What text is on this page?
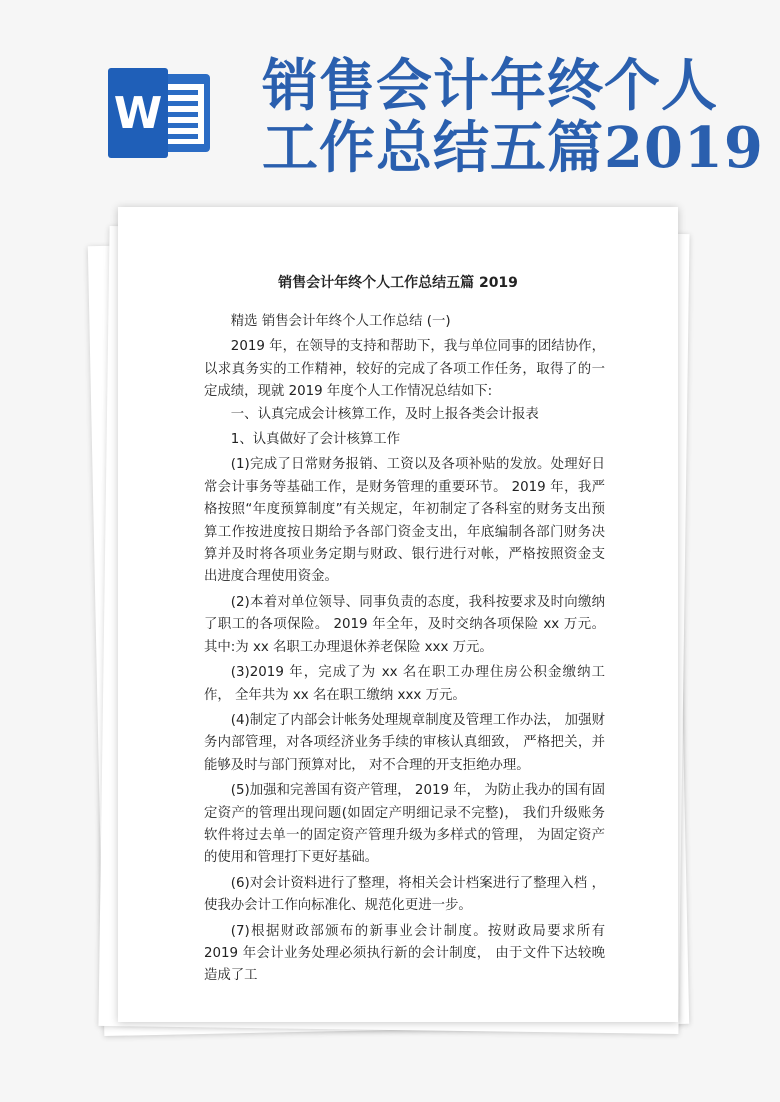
W 销售会计年终个人
工作总结五篇2019
销售会计年终个人工作总结五篇 2019

精选 销售会计年终个人工作总结 (一)

2019 年，在领导的支持和帮助下，我与单位同事的团结协作，以求真务实的工作精神，较好的完成了各项工作任务，取得了的一定成绩，现就 2019 年度个人工作情况总结如下:

一、认真完成会计核算工作，及时上报各类会计报表

1、认真做好了会计核算工作

(1)完成了日常财务报销、工资以及各项补贴的发放。处理好日常会计事务等基础工作，是财务管理的重要环节。 2019 年，我严格按照“年度预算制度”有关规定，年初制定了各科室的财务支出预算工作按进度按日期给予各部门资金支出，年底编制各部门财务决算并及时将各项业务定期与财政、银行进行对帐，严格按照资金支出进度合理使用资金。

(2)本着对单位领导、同事负责的态度，我科按要求及时向缴纳了职工的各项保险。 2019 年全年，及时交纳各项保险 xx 万元。其中:为 xx 名职工办理退休养老保险 xxx 万元。

(3)2019 年，完成了为 xx 名在职工办理住房公积金缴纳工作， 全年共为 xx 名在职工缴纳 xxx 万元。

(4)制定了内部会计帐务处理规章制度及管理工作办法， 加强财务内部管理，对各项经济业务手续的审核认真细致， 严格把关，并能够及时与部门预算对比， 对不合理的开支拒绝办理。

(5)加强和完善国有资产管理， 2019 年， 为防止我办的国有固定资产的管理出现问题(如固定产明细记录不完整)， 我们升级账务软件将过去单一的固定资产管理升级为多样式的管理， 为固定资产的使用和管理打下更好基础。

(6)对会计资料进行了整理，将相关会计档案进行了整理入档 ，使我办会计工作向标准化、规范化更进一步。

(7)根据财政部颁布的新事业会计制度。按财政局要求所有 2019 年会计业务处理必须执行新的会计制度， 由于文件下达较晚造成了工
